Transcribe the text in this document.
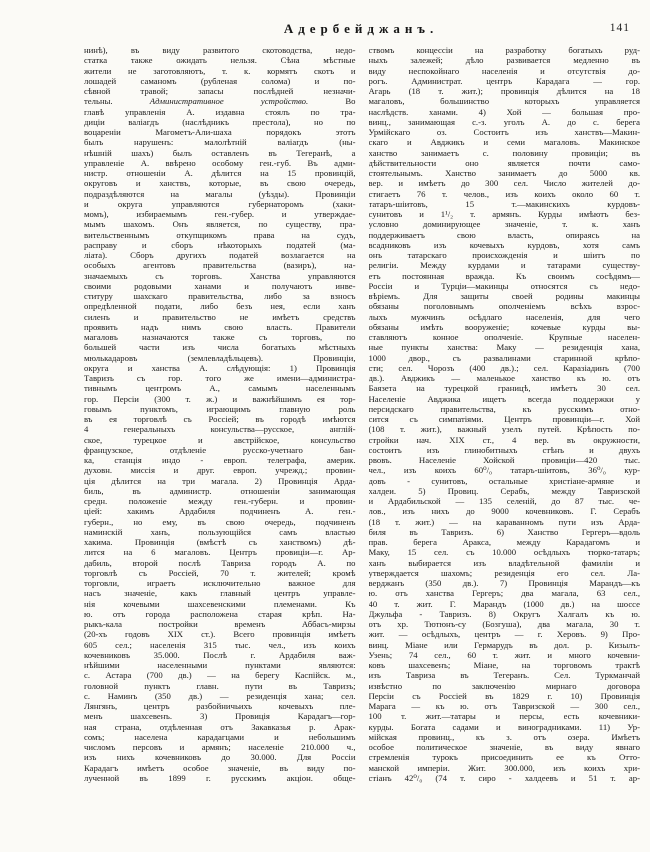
Адербейджанъ.	141
нинѣ), въ виду развитого скотоводства, недо-
статка также ожидать нельзя. Сѣна мѣстные
жители не заготовляютъ, т. к. кормятъ скотъ и
лошадей саманомъ (рубленая солома) и по-
сѣвной травой; запасы послѣдней незначи-
тельны. Административное устройство. Во
главѣ управленія А. издавна стоялъ по тра-
диціи валіагдъ (наслѣдникъ престола), но по
воцареніи Магометъ-Али-шаха порядокъ этотъ
былъ нарушенъ: малолѣтній валіагдъ (ны-
нѣшній шахъ) былъ оставленъ въ Тегеранѣ, а
управленіе А. ввѣрено особому ген.-губ. Въ адми-
нистр. отношеніи А. дѣлится на 15 провинцій,
округовъ и ханствъ, которые, въ свою очередь,
подраздѣляются на магалы (уѣзды). Провинціи
и округа управляются губернаторомъ (хаки-
момъ), избираемымъ ген.-губер. и утверждае-
мымъ шахомъ. Онъ является, по существу, пра-
вительственнымъ откупщикомъ права на судъ,
расправу и сборъ нѣкоторыхъ податей (ма-
ліата). Сборъ другихъ податей возлагается на
особыхъ агентовъ правительства (вазиръ), на-
значаемыхъ съ торговъ. Ханства управляются
своими родовыми ханами и получаютъ инве-
ституру шахскаго правительства, либо за взносъ
опредѣленной подати, либо безъ нея, если ханъ
силенъ и правительство не имѣетъ средствъ
проявить надъ нимъ свою власть. Правители
магаловъ назначаются также съ торговъ, по
большей части изъ числа богатыхъ мѣстныхъ
мюлькадаровъ (землевладѣльцевъ). Провинціи,
округа и ханства А. слѣдующія: 1) Провинція
Тавризъ съ гор. того же имени—администра-
тивнымъ центромъ А., самымъ населеннымъ
гор. Персіи (300 т. ж.) и важнѣйшимъ ея тор-
говымъ пунктомъ, играющимъ главную роль
въ ея торговлѣ съ Россіей; въ городѣ имѣются
4 генеральныхъ консульства—русское, англій-
ское, турецкое и австрійское, консульство
французское, отдѣленіе русско-учетнаго бан-
ка, станція индо - европ. телеграфа, америк.
духовн. миссія и друг. европ. учрежд.; провин-
ція дѣлится на три магала. 2) Провинція Арда-
биль, въ администр. отношеніи занимающая
средн. положеніе между ген.-губерн. и провин-
ціей: хакимъ Ардабиля подчиненъ А. ген.-
губерн., но ему, въ свою очередь, подчиненъ
наминскій ханъ, пользующійся самъ властью
хакима. Провинція (вмѣстѣ съ ханствомъ) дѣ-
лится на 6 магаловъ. Центръ провиціи—г. Ар-
дабиль, второй послѣ Тавриза городъ А. по
торговлѣ съ Россіей, 70 т. жителей; кромѣ
торговли, играетъ исключительно важное для
насъ значеніе, какъ главный центръ управле-
нія кочевыми шахсевенскими племенами. Къ
ю. отъ города расположена старая крѣп. На-
рыкъ-кала постройки временъ Аббасъ-мирзы
(20-хъ годовъ XIX ст.). Всего провинція имѣетъ
605 сел.; населенія 315 тыс. чел., изъ коихъ
кочевниковъ 35.000. Послѣ г. Ардабиля важ-
нѣйшими населенными пунктами являются:
с. Астара (700 дв.) — на берегу Каспійск. м.,
головной пунктъ главн. пути въ Тавризъ;
с. Наминъ (350 дв.) — резиденція хана; сел.
Лянгянъ, центръ разбойничьихъ кочевыхъ пле-
менъ шахсевенъ. 3) Провиція Карадагъ—гор-
ная страна, отдѣленная отъ Закавказья р. Арак-
сомъ; населена карадагцами и небольшимъ
числомъ персовъ и армянъ; населеніе 210.000 ч.,
изъ нихъ кочевниковъ до 30.000. Для Россіи
Карадагъ имѣетъ особое значеніе, въ виду по-
лученной въ 1899 г. русскимъ акціон. обще-
ствомъ концессіи на разработку богатыхъ руд-
ныхъ залежей; дѣло развивается медленно въ
виду неспокойнаго населенія и отсутствія до-
рогъ. Администрат. центръ Карадага — гор.
Агарь (18 т. жит.); провинція дѣлится на 18
магаловъ, большинство которыхъ управляется
наслѣдств. ханами. 4) Хой — большая про-
винц., занимающая с.-з. уголъ А. до с. берега
Урмійскаго оз. Состоитъ изъ ханствъ—Макин-
скаго и Авджикъ и семи магаловъ. Макинское
ханство занимаетъ с. половину провиціи; въ
дѣйствительности оно является почти само-
стоятельнымъ. Ханство занимаетъ до 5000 кв.
вер. и имѣетъ до 300 сел. Число жителей до-
стигаетъ 76 т. челов., изъ коихъ около 60 т.
татаръ-шіитовъ, 15 т.—макинскихъ курдовъ-
сунитовъ и 1¹/₂ т. армянъ. Курды имѣютъ без-
условно доминирующее значеніе, т. к. ханъ
поддерживаетъ свою власть, опираясь на
всадниковъ изъ кочевыхъ курдовъ, хотя самъ
онъ татарскаго происхожденія и шіитъ по
религіи. Между курдами и татарами существу-
етъ постоянная вражда. Къ своимъ сосѣдямъ—
Россіи и Турціи—макинцы относятся съ недо-
вѣріемъ. Для защиты своей родины макинцы
обязаны поголовнымъ ополченіемъ всѣхъ взрос-
лыхъ мужчинъ осѣдлаго населенія, для чего
обязаны имѣть вооруженіе; кочевые курды вы-
ставляютъ конное ополченіе. Крупные населен-
ные пункты ханства: Маку — резиденція хана,
1000 двор., съ развалинами старинной крѣпо-
сти; сел. Чорозъ (400 дв.).; сел. Каразіадинъ (700
дв.). Авджикъ — маленькое ханство къ ю. отъ
Баязета на турецкой границѣ, имѣетъ 30 сел.
Населеніе Авджика ищетъ всегда поддержки у
персидскаго правительства, къ русскимъ отно-
сится съ симпатіями. Центръ провинціи—г. Хой
(108 т. жит.), важный узелъ путей. Крѣпость по-
стройки нач. XIX ст., 4 вер. въ окружности,
состоитъ изъ глинобитныхъ стѣнъ и двухъ
рвовъ. Населеніе Хойской провиціи—420 тыс.
чел., изъ коихъ 60⁰/₀ татаръ-шіитовъ, 36⁰/₀ кур-
довъ - сунитовъ, остальные христіане-армяне и
халдеи. 5) Провиц. Серабъ, между Тавризской
и Ардабильской — 135 селеній, до 87 тыс. че-
лов., изъ нихъ до 9000 кочевниковъ. Г. Серабъ
(18 т. жит.) — на караванномъ пути изъ Арда-
биля въ Тавризъ. 6) Ханство Гергеръ—вдоль
прав. берега Аракса, между Карадагомъ и
Маку, 15 сел. съ 10.000 осѣдлыхъ тюрко-татаръ;
ханъ выбирается изъ владѣтельной фамиліи и
утверждается шахомъ; резиденція его сел. Ла-
верджанъ (350 дв.). 7) Провинція Марандъ—къ
ю. отъ ханства Гергеръ; два магала, 63 сел.,
40 т. жит. Г. Марандъ (1000 дв.) на шоссе
Джульфа - Тавризъ. 8) Округъ Халгалъ къ ю.
отъ хр. Тютюнъ-су (Бозгуша), два магала, 30 т.
жит. — осѣдлыхъ, центръ — г. Херовъ. 9) Про-
винц. Міане или Гермарудъ въ дол. р. Кизылъ-
Узень; 74 сел., 60 т. жит. и много кочевни-
ковъ шахсевенъ; Міане, на торговомъ трактѣ
изъ Тавриза въ Тегеранъ. Сел. Туркманчай
извѣстно по заключенію мирнаго договора
Персіи съ Россіей въ 1829 г. 10) Провинція
Марага — къ ю. отъ Тавризской — 300 сел.,
100 т. жит.—татары и персы, есть кочевники-
курды. Богата садами и виноградниками. 11) Ур-
мійская провинц., къ з. отъ озера. Имѣетъ
особое политическое значеніе, въ виду явнаго
стремленія турокъ присоединить ее къ Отто-
манской имперіи. Жит. 300.000, изъ коихъ хри-
стіанъ 42⁰/₀ (74 т. сиро - халдеевъ и 51 т. ар-
